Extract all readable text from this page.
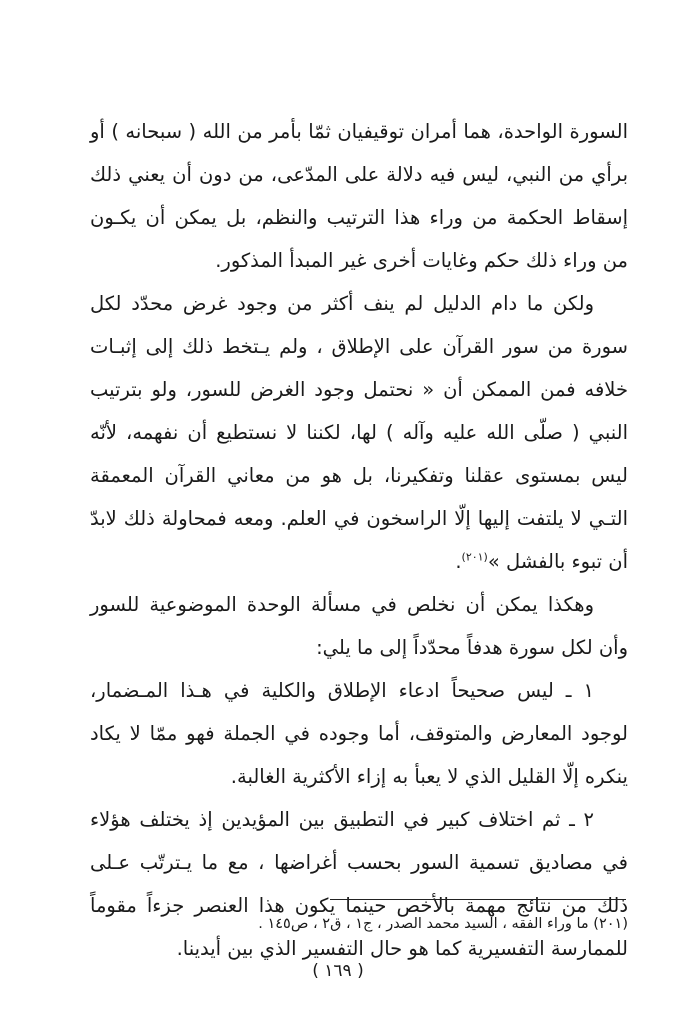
السورة الواحدة، هما أمران توقيفيان ثمّا بأمر من الله ( سبحانه ) أو برأي من النبي، ليس فيه دلالة على المدّعى، من دون أن يعني ذلك إسقاط الحكمة من وراء هذا الترتيب والنظم، بل يمكن أن يكـون من وراء ذلك حكم وغايات أخرى غير المبدأ المذكور.

ولكن ما دام الدليل لم ينف أكثر من وجود غرض محدّد لكل سورة من سور القرآن على الإطلاق ، ولم يـتخط ذلك إلى إثبـات خلافه فمن الممكن أن « نحتمل وجود الغرض للسور، ولو بترتيب النبي ( صلّى الله عليه وآله ) لها، لكننا لا نستطيع أن نفهمه، لأنّه ليس بمستوى عقلنا وتفكيرنا، بل هو من معاني القرآن المعمقة التـي لا يلتفت إليها إلّا الراسخون في العلم. ومعه فمحاولة ذلك لابدّ أن تبوء بالفشل »$^{(٢٠١)}$.

وهكذا يمكن أن نخلص في مسألة الوحدة الموضوعية للسور وأن لكل سورة هدفاً محدّداً إلى ما يلي:

١ ـ ليس صحيحاً ادعاء الإطلاق والكلية في هـذا المـضمار، لوجود المعارض والمتوقف، أما وجوده في الجملة فهو ممّا لا يكاد ينكره إلّا القليل الذي لا يعبأ به إزاء الأكثرية الغالبة.

٢ ـ ثم اختلاف كبير في التطبيق بين المؤيدين إذ يختلف هؤلاء في مصاديق تسمية السور بحسب أغراضها ، مع ما يـترتّب عـلى ذلك من نتائج مهمة بالأخص حينما يكون هذا العنصر جزءاً مقوماً للممارسة التفسيرية كما هو حال التفسير الذي بين أيدينا.

(٢٠١) ما وراء الفقه ، السيد محمد الصدر ، ج١ ، ق٢ ، ص١٤٥ .

( ١٦٩ )
